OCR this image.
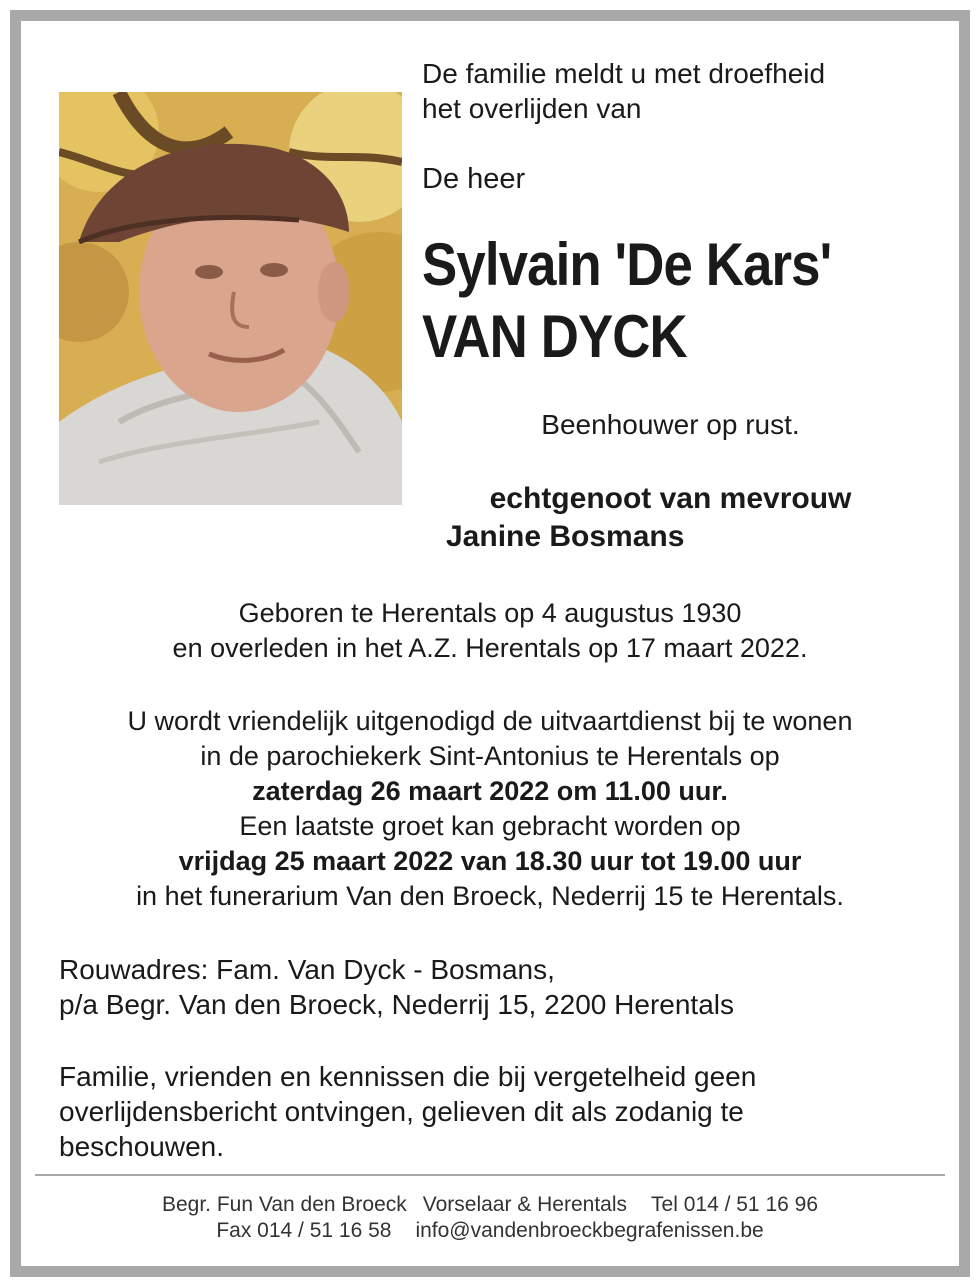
De familie meldt u met droefheid
het overlijden van
De heer
Sylvain 'De Kars'
VAN DYCK
Beenhouwer op rust.
echtgenoot van mevrouw
Janine Bosmans
Geboren te Herentals op 4 augustus 1930
en overleden in het A.Z. Herentals op 17 maart 2022.
U wordt vriendelijk uitgenodigd de uitvaartdienst bij te wonen
in de parochiekerk Sint-Antonius te Herentals op
zaterdag 26 maart 2022 om 11.00 uur.
Een laatste groet kan gebracht worden op
vrijdag 25 maart 2022 van 18.30 uur tot 19.00 uur
in het funerarium Van den Broeck, Nederrij 15 te Herentals.
Rouwadres: Fam. Van Dyck - Bosmans,
p/a Begr. Van den Broeck, Nederrij 15, 2200 Herentals
Familie, vrienden en kennissen die bij vergetelheid geen
overlijdensbericht ontvingen, gelieven dit als zodanig te
beschouwen.
Begr. Fun Van den Broeck Vorselaar & Herentals Tel 014 / 51 16 96
Fax 014 / 51 16 58 info@vandenbroeckbegrafenissen.be
